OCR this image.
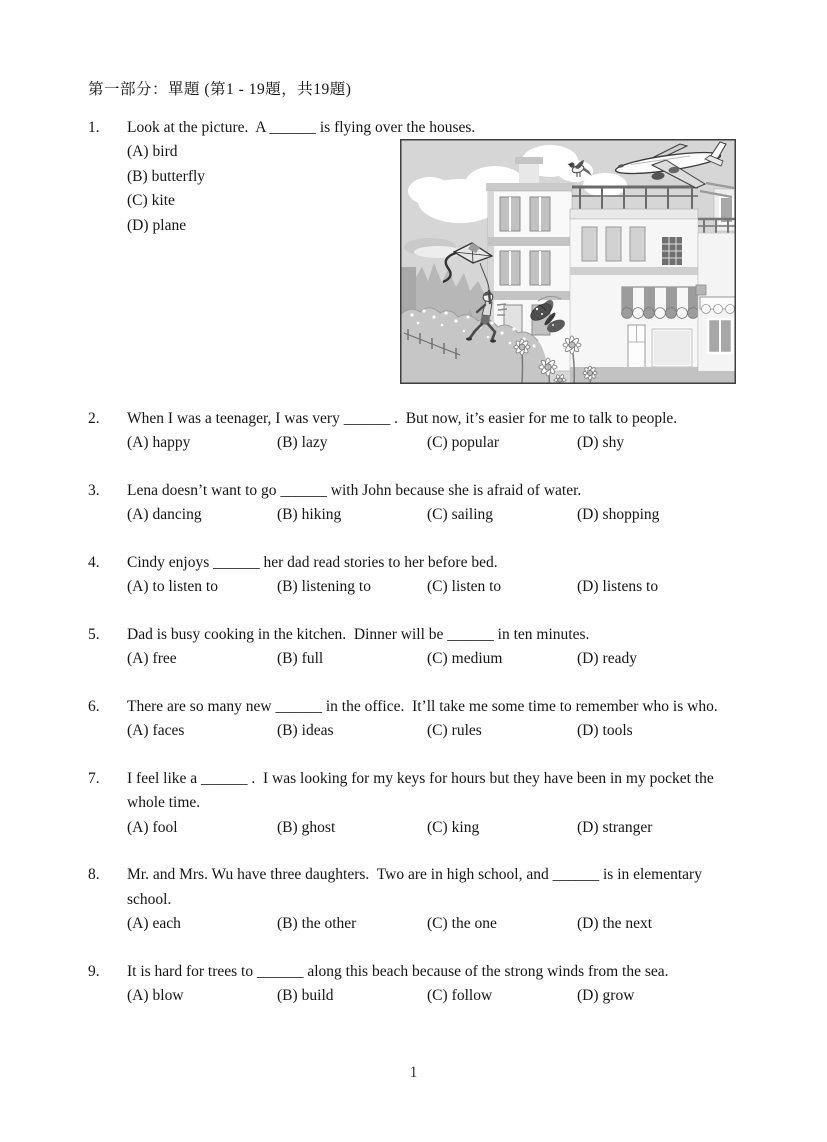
第一部分：單題 (第1 - 19題，共19題)
1.	Look at the picture.  A ______ is flying over the houses.
(A) bird
(B) butterfly
(C) kite
(D) plane
2.	When I was a teenager, I was very ______ .  But now, it’s easier for me to talk to people.
(A) happy	(B) lazy	(C) popular	(D) shy
3.	Lena doesn’t want to go ______ with John because she is afraid of water.
(A) dancing	(B) hiking	(C) sailing	(D) shopping
4.	Cindy enjoys ______ her dad read stories to her before bed.
(A) to listen to	(B) listening to	(C) listen to	(D) listens to
5.	Dad is busy cooking in the kitchen.  Dinner will be ______ in ten minutes.
(A) free	(B) full	(C) medium	(D) ready
6.	There are so many new ______ in the office.  It’ll take me some time to remember who is who.
(A) faces	(B) ideas	(C) rules	(D) tools
7.	I feel like a ______ .  I was looking for my keys for hours but they have been in my pocket the whole time.
(A) fool	(B) ghost	(C) king	(D) stranger
8.	Mr. and Mrs. Wu have three daughters.  Two are in high school, and ______ is in elementary school.
(A) each	(B) the other	(C) the one	(D) the next
9.	It is hard for trees to ______ along this beach because of the strong winds from the sea.
(A) blow	(B) build	(C) follow	(D) grow
1
